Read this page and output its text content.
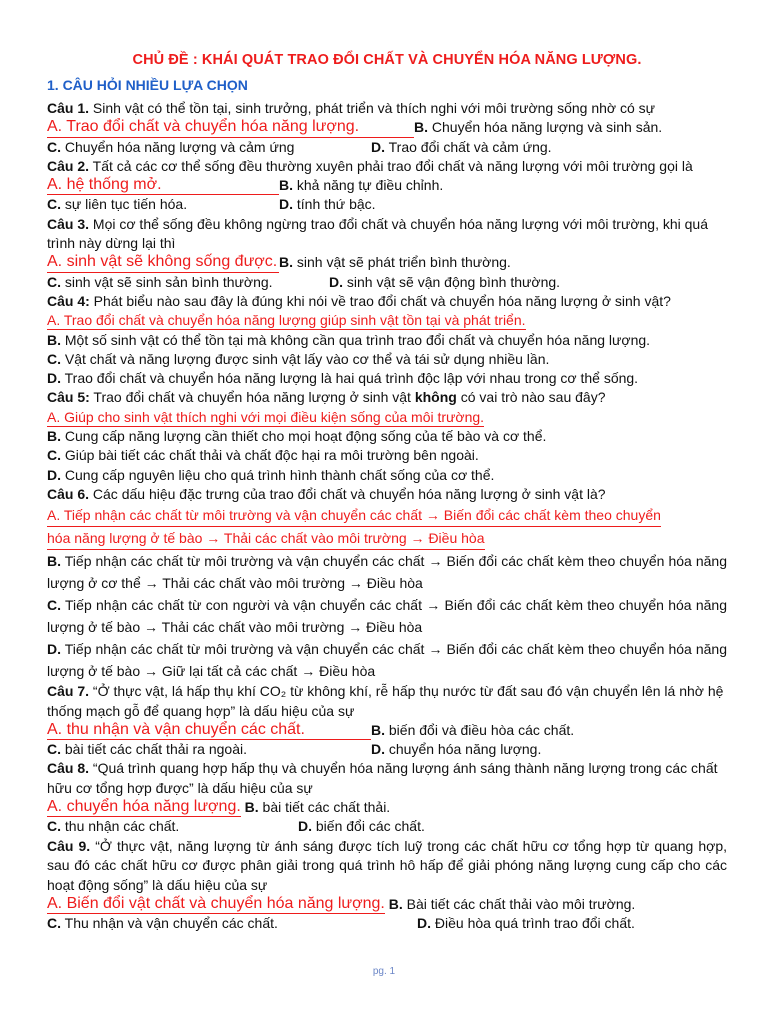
CHỦ ĐỀ : KHÁI QUÁT TRAO ĐỔI CHẤT VÀ CHUYỂN HÓA NĂNG LƯỢNG.
1. CÂU HỎI NHIỀU LỰA CHỌN
Câu 1. Sinh vật có thể tồn tại, sinh trưởng, phát triển và thích nghi với môi trường sống nhờ có sự
A. Trao đổi chất và chuyển hóa năng lượng.	B. Chuyển hóa năng lượng và sinh sản.
C. Chuyển hóa năng lượng và cảm ứng	D. Trao đổi chất và cảm ứng.
Câu 2. Tất cả các cơ thể sống đều thường xuyên phải trao đổi chất và năng lượng với môi trường gọi là
A. hệ thống mở.	B. khả năng tự điều chỉnh.
C. sự liên tục tiến hóa.	D. tính thứ bậc.
Câu 3. Mọi cơ thể sống đều không ngừng trao đổi chất và chuyển hóa năng lượng với môi trường, khi quá trình này dừng lại thì
A. sinh vật sẽ không sống được. B. sinh vật sẽ phát triển bình thường.
C. sinh vật sẽ sinh sản bình thường.	D. sinh vật sẽ vận động bình thường.
Câu 4: Phát biểu nào sau đây là đúng khi nói về trao đổi chất và chuyển hóa năng lượng ở sinh vật?
A. Trao đổi chất và chuyển hóa năng lượng giúp sinh vật tồn tại và phát triển.
B. Một số sinh vật có thể tồn tại mà không cần qua trình trao đổi chất và chuyển hóa năng lượng.
C. Vật chất và năng lượng được sinh vật lấy vào cơ thể và tái sử dụng nhiều lần.
D. Trao đổi chất và chuyển hóa năng lượng là hai quá trình độc lập với nhau trong cơ thể sống.
Câu 5: Trao đổi chất và chuyển hóa năng lượng ở sinh vật không có vai trò nào sau đây?
A. Giúp cho sinh vật thích nghi với mọi điều kiện sống của môi trường.
B. Cung cấp năng lượng cần thiết cho mọi hoạt động sống của tế bào và cơ thể.
C. Giúp bài tiết các chất thải và chất độc hại ra môi trường bên ngoài.
D. Cung cấp nguyên liệu cho quá trình hình thành chất sống của cơ thể.
Câu 6. Các dấu hiệu đặc trưng của trao đổi chất và chuyển hóa năng lượng ở sinh vật là?
A. Tiếp nhận các chất từ môi trường và vận chuyển các chất → Biến đổi các chất kèm theo chuyển
hóa năng lượng ở tế bào → Thải các chất vào môi trường → Điều hòa
B. Tiếp nhận các chất từ môi trường và vận chuyển các chất → Biến đổi các chất kèm theo chuyển hóa năng lượng ở cơ thể → Thải các chất vào môi trường → Điều hòa
C. Tiếp nhận các chất từ con người và vận chuyển các chất → Biến đổi các chất kèm theo chuyển hóa năng lượng ở tế bào → Thải các chất vào môi trường → Điều hòa
D. Tiếp nhận các chất từ môi trường và vận chuyển các chất → Biến đổi các chất kèm theo chuyển hóa năng lượng ở tế bào → Giữ lại tất cả các chất → Điều hòa
Câu 7. “Ở thực vật, lá hấp thụ khí CO₂ từ không khí, rễ hấp thụ nước từ đất sau đó vận chuyển lên lá nhờ hệ thống mạch gỗ để quang hợp” là dấu hiệu của sự
A. thu nhận và vận chuyển các chất.	B. biến đổi và điều hòa các chất.
C. bài tiết các chất thải ra ngoài.	D. chuyển hóa năng lượng.
Câu 8. “Quá trình quang hợp hấp thụ và chuyển hóa năng lượng ánh sáng thành năng lượng trong các chất hữu cơ tổng hợp được” là dấu hiệu của sự
A. chuyển hóa năng lượng. B. bài tiết các chất thải.
C. thu nhận các chất.	D. biến đổi các chất.
Câu 9. “Ở thực vật, năng lượng từ ánh sáng được tích luỹ trong các chất hữu cơ tổng hợp từ quang hợp, sau đó các chất hữu cơ được phân giải trong quá trình hô hấp để giải phóng năng lượng cung cấp cho các hoạt động sống” là dấu hiệu của sự
A. Biến đổi vật chất và chuyển hóa năng lượng. B. Bài tiết các chất thải vào môi trường.
C. Thu nhận và vận chuyển các chất.	D. Điều hòa quá trình trao đổi chất.
pg. 1
